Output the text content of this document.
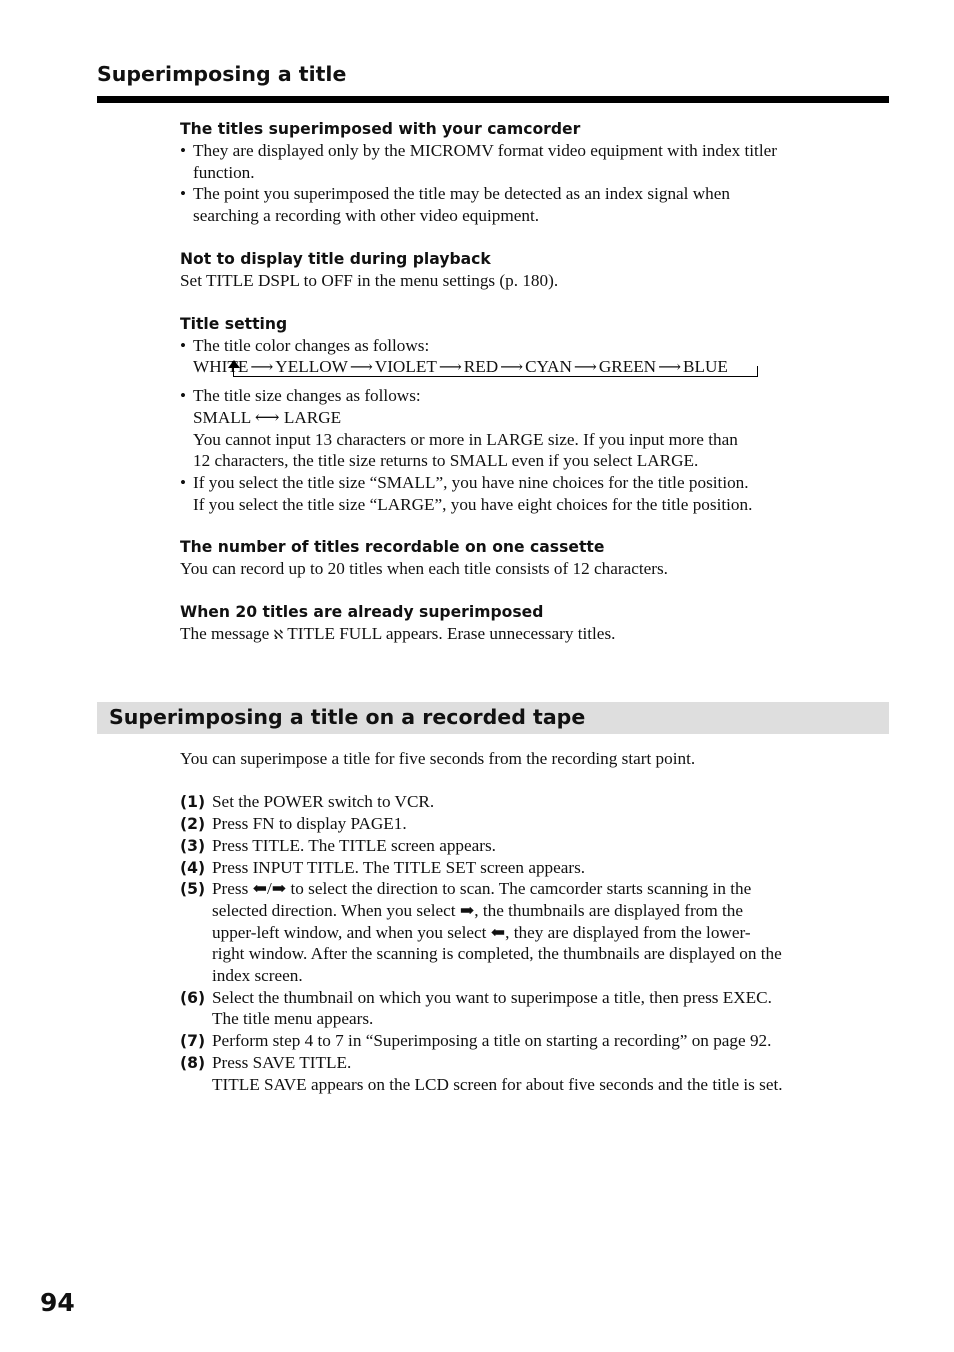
Superimposing a title
The titles superimposed with your camcorder
• They are displayed only by the MICROMV format video equipment with index titler
function.
• The point you superimposed the title may be detected as an index signal when
searching a recording with other video equipment.
Not to display title during playback
Set TITLE DSPL to OFF in the menu settings (p. 180).
Title setting
• The title color changes as follows:
WHITE ⟶ YELLOW ⟶ VIOLET ⟶ RED ⟶ CYAN ⟶ GREEN ⟶ BLUE
• The title size changes as follows:
SMALL ⟷ LARGE
You cannot input 13 characters or more in LARGE size. If you input more than
12 characters, the title size returns to SMALL even if you select LARGE.
• If you select the title size “SMALL”, you have nine choices for the title position.
If you select the title size “LARGE”, you have eight choices for the title position.
The number of titles recordable on one cassette
You can record up to 20 titles when each title consists of 12 characters.
When 20 titles are already superimposed
The message ℵ TITLE FULL appears. Erase unnecessary titles.
Superimposing a title on a recorded tape
You can superimpose a title for five seconds from the recording start point.
(1) Set the POWER switch to VCR.
(2) Press FN to display PAGE1.
(3) Press TITLE. The TITLE screen appears.
(4) Press INPUT TITLE. The TITLE SET screen appears.
(5) Press ⬅/➡ to select the direction to scan. The camcorder starts scanning in the
selected direction. When you select ➡, the thumbnails are displayed from the
upper-left window, and when you select ⬅, they are displayed from the lower-
right window. After the scanning is completed, the thumbnails are displayed on the
index screen.
(6) Select the thumbnail on which you want to superimpose a title, then press EXEC.
The title menu appears.
(7) Perform step 4 to 7 in “Superimposing a title on starting a recording” on page 92.
(8) Press SAVE TITLE.
TITLE SAVE appears on the LCD screen for about five seconds and the title is set.
94
